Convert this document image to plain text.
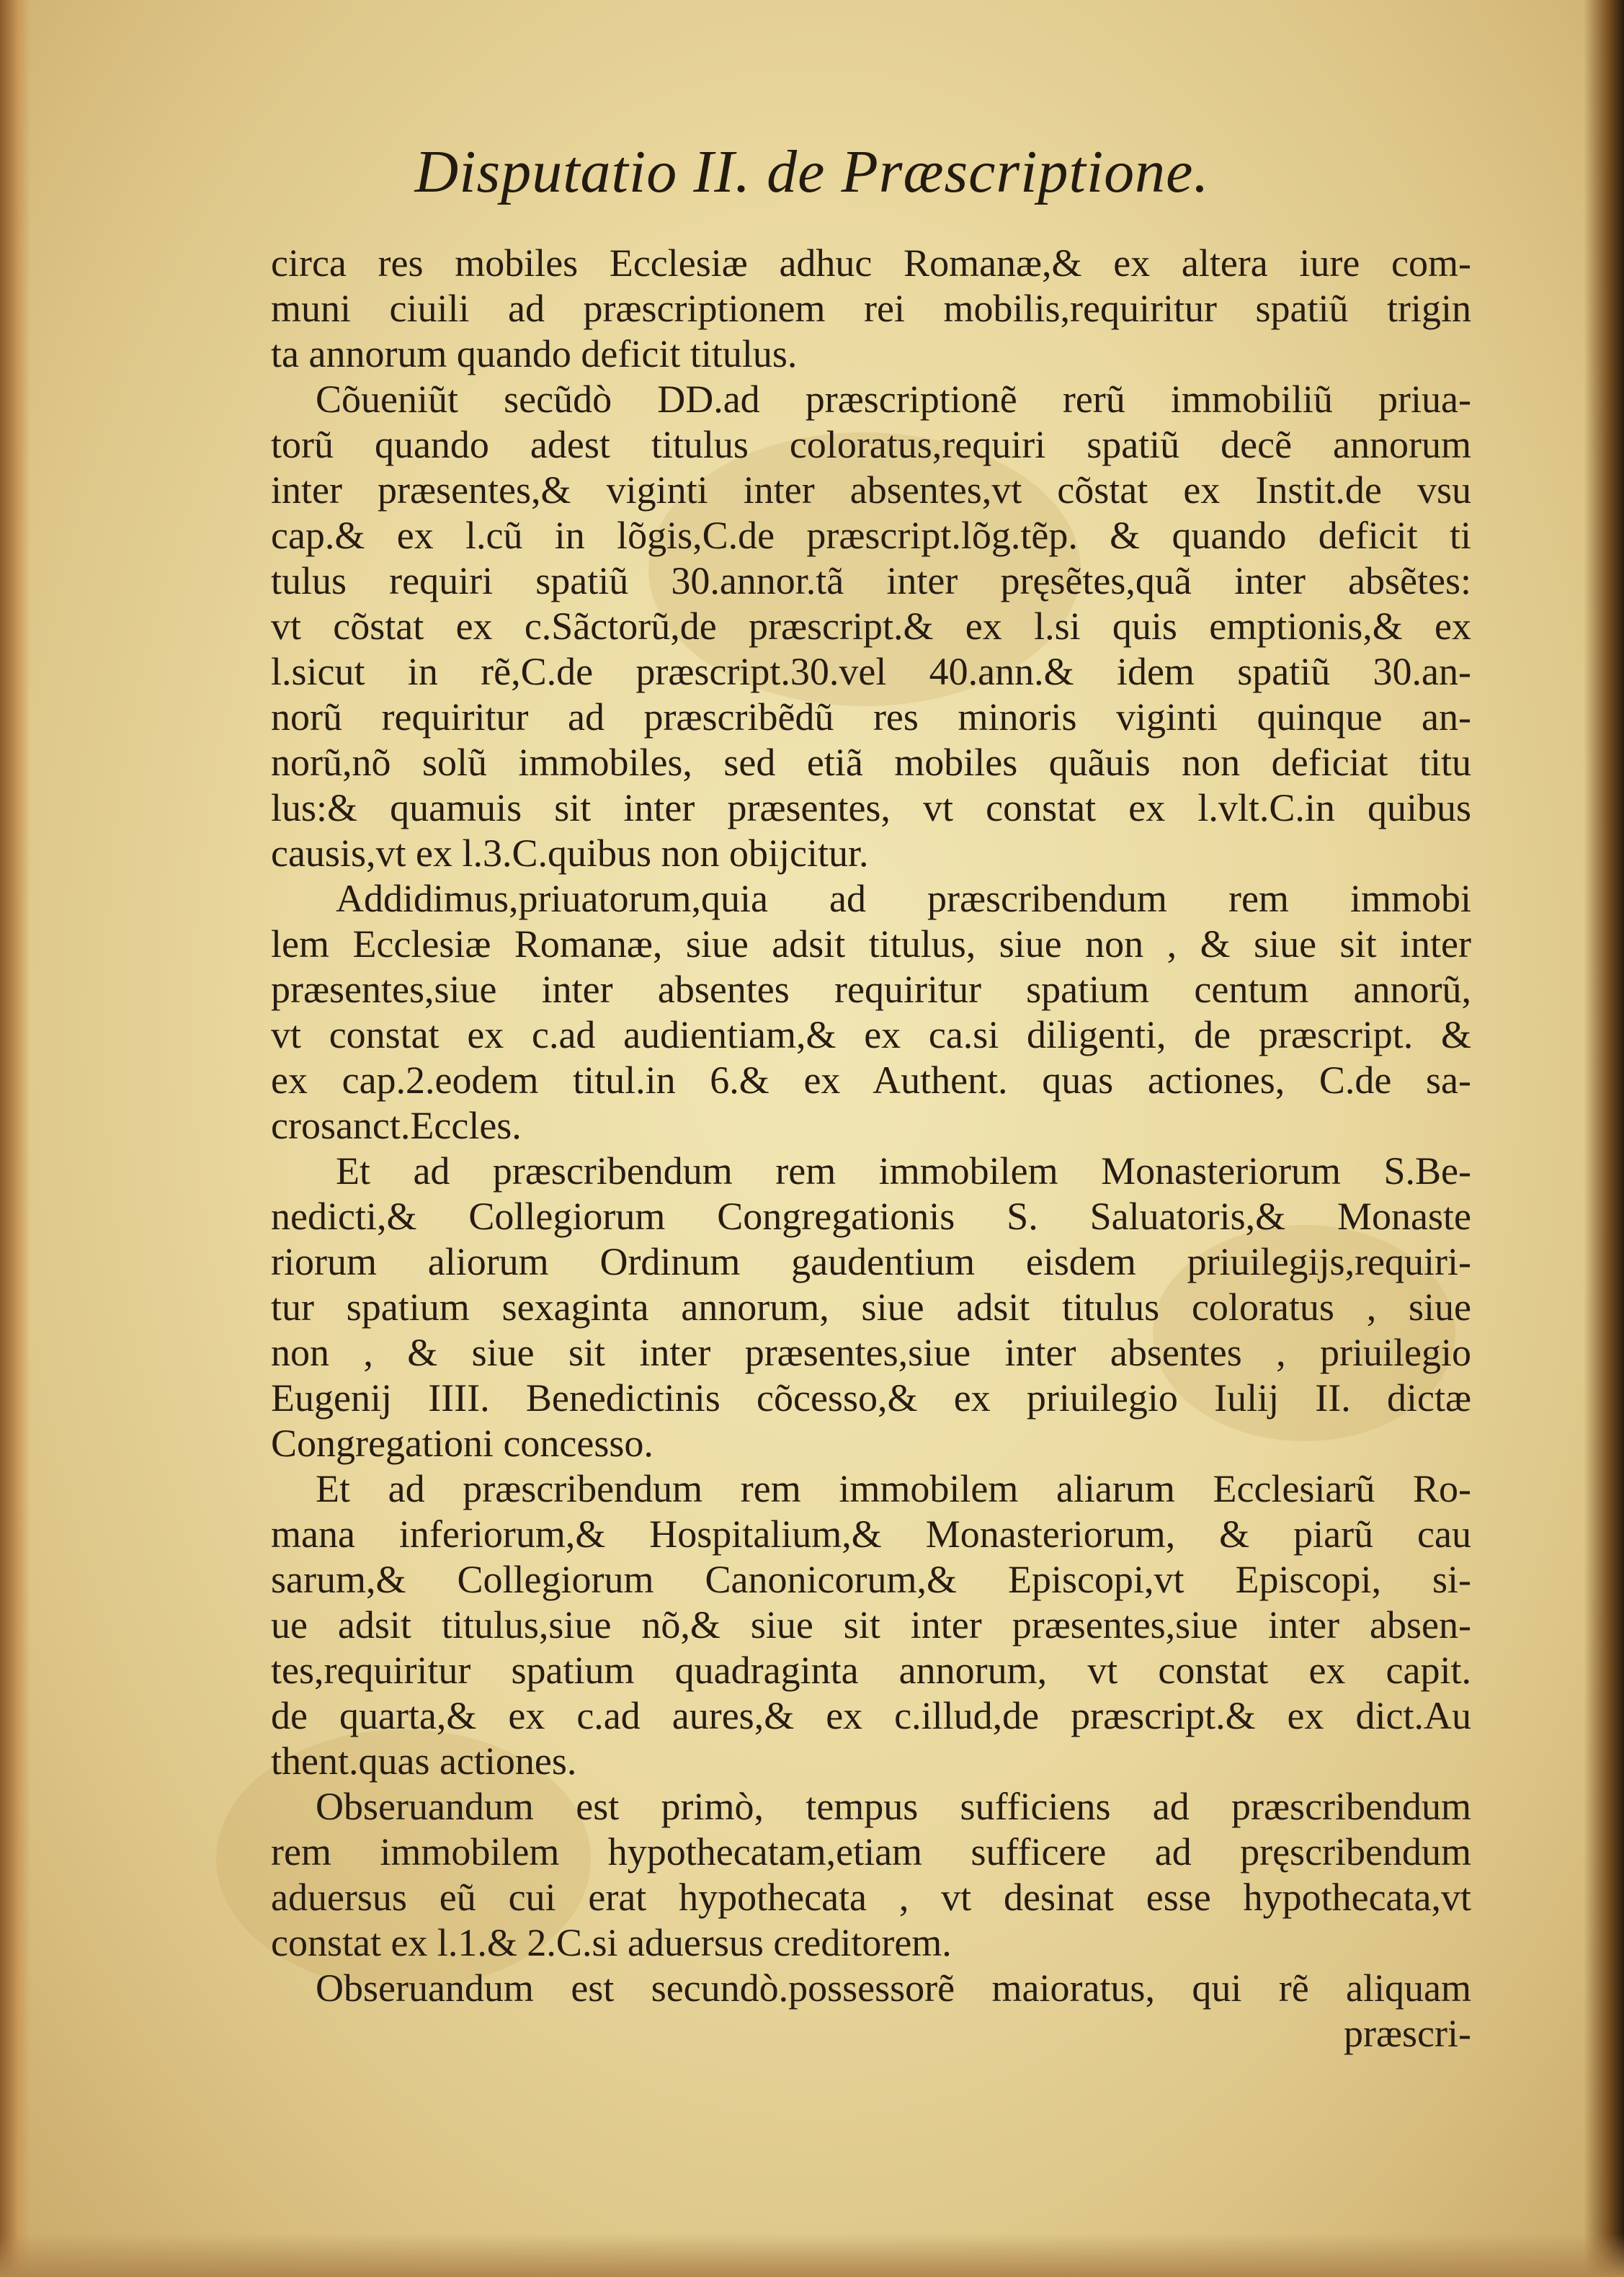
Disputatio II. de Præscriptione.
circa res mobiles Ecclesiæ adhuc Romanæ,& ex altera iure com-
muni ciuili ad præscriptionem rei mobilis,requiritur spatiũ trigin
ta annorum quando deficit titulus.
Cõueniũt secũdò DD.ad præscriptionẽ rerũ immobiliũ priua-
torũ quando adest titulus coloratus,requiri spatiũ decẽ annorum
inter præsentes,& viginti inter absentes,vt cõstat ex Instit.de vsu
cap.& ex l.cũ in lõgis,C.de præscript.lõg.tẽp. & quando deficit ti
tulus requiri spatiũ 30.annor.tã inter pręsẽtes,quã inter absẽtes:
vt cõstat ex c.Sãctorũ,de præscript.& ex l.si quis emptionis,& ex
l.sicut in rẽ,C.de præscript.30.vel 40.ann.& idem spatiũ 30.an-
norũ requiritur ad præscribẽdũ res minoris viginti quinque an-
norũ,nõ solũ immobiles, sed etiã mobiles quãuis non deficiat titu
lus:& quamuis sit inter præsentes, vt constat ex l.vlt.C.in quibus
causis,vt ex l.3.C.quibus non obijcitur.
Addidimus,priuatorum,quia ad præscribendum rem immobi
lem Ecclesiæ Romanæ, siue adsit titulus, siue non , & siue sit inter
præsentes,siue inter absentes requiritur spatium centum annorũ,
vt constat ex c.ad audientiam,& ex ca.si diligenti, de præscript. &
ex cap.2.eodem titul.in 6.& ex Authent. quas actiones, C.de sa-
crosanct.Eccles.
Et ad præscribendum rem immobilem Monasteriorum S.Be-
nedicti,& Collegiorum Congregationis S. Saluatoris,& Monaste
riorum aliorum Ordinum gaudentium eisdem priuilegijs,requiri-
tur spatium sexaginta annorum, siue adsit titulus coloratus , siue
non , & siue sit inter præsentes,siue inter absentes , priuilegio
Eugenij IIII. Benedictinis cõcesso,& ex priuilegio Iulij II. dictæ
Congregationi concesso.
Et ad præscribendum rem immobilem aliarum Ecclesiarũ Ro-
mana inferiorum,& Hospitalium,& Monasteriorum, & piarũ cau
sarum,& Collegiorum Canonicorum,& Episcopi,vt Episcopi, si-
ue adsit titulus,siue nõ,& siue sit inter præsentes,siue inter absen-
tes,requiritur spatium quadraginta annorum, vt constat ex capit.
de quarta,& ex c.ad aures,& ex c.illud,de præscript.& ex dict.Au
thent.quas actiones.
Obseruandum est primò, tempus sufficiens ad præscribendum
rem immobilem hypothecatam,etiam sufficere ad pręscribendum
aduersus eũ cui erat hypothecata , vt desinat esse hypothecata,vt
constat ex l.1.& 2.C.si aduersus creditorem.
Obseruandum est secundò.possessorẽ maioratus, qui rẽ aliquam
præscri-
